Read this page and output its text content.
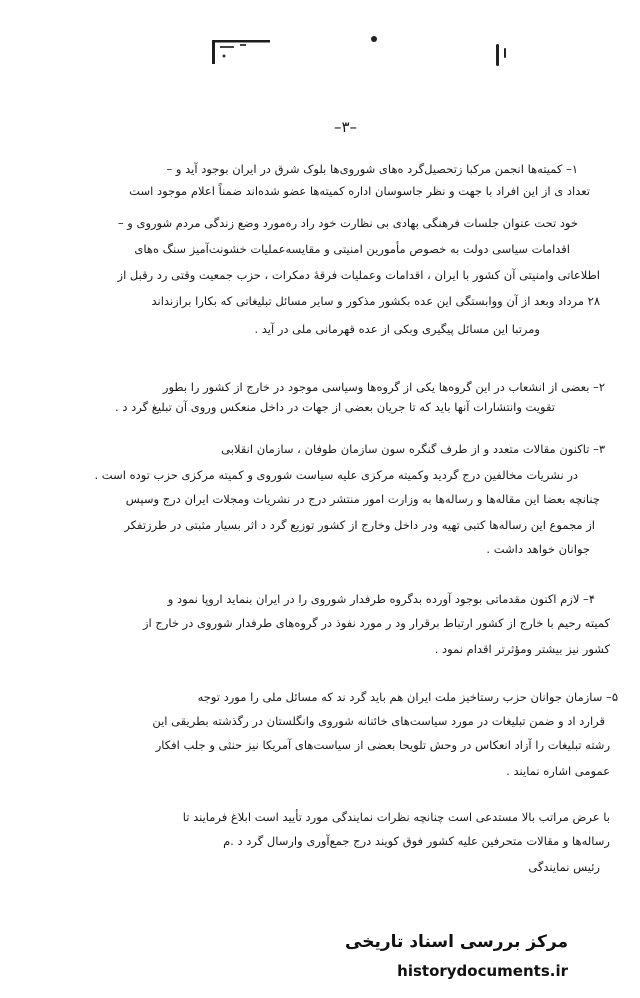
–۳–
۱– کمیته‌ها انجمن مرکبا زتحصیل‌گرد ه‌های شوروی‌ها بلوک شرق در ایران بوجود آید و –
تعداد ی از این افراد با جهت و نظر جاسوسان اداره کمیته‌ها عضو شده‌اند ضمناً اعلام موجود است
خود تحت عنوان جلسات فرهنگی بهادی بی نظارت خود راد ره‌مورد وضع زندگی مردم شوروی و –
اقدامات سیاسی دولت به خصوص مأمورین امنیتی و مقایسه‌عملیات خشونت‌آمیز سنگ ه‌های
اطلاعاتی وامنیتی آن کشور با ایران ، اقدامات وعملیات فرقهٔ دمکرات ، حزب جمعیت وقتی رد رقبل از
۲۸ مرداد وبعد از آن ووابستگی این عده بکشور مذکور و سایر مسائل تبلیغاتی که بکارا برازنداند
ومرتبا این مسائل پیگیری وبکی از عده قهرمانی ملی در آید .
۲– بعضی از انشعاب در این گروه‌ها یکی از گروه‌ها وسیاسی موجود در خارج از کشور را بطور
تقویت وانتشارات آنها باید که تا جریان بعضی از جهات در داخل منعکس وروی آن تبلیغ گرد د .
۳– تاکنون مقالات متعدد و از طرف گنگره سون سازمان طوفان ، سازمان انقلابی
در نشریات مخالفین درج گردید وکمیته مرکزی علیه سیاست شوروی و کمیته مرکزی حزب توده است .
چنانچه بعضا این مقاله‌ها و رساله‌ها به وزارت امور منتشر درج در نشریات ومجلات ایران درج وسپس
از مجموع این رساله‌ها کتبی تهیه ودر داخل وخارج از کشور توزیع گرد د اثر بسیار مثبتی در طرزتفکر
جوانان خواهد داشت .
۴– لازم اکنون مقدماتی بوجود آورده بدگروه طرفدار شوروی را در ایران بنماید اروپا نمود و
کمیته رحیم با خارج از کشور ارتباط برقرار ود ر مورد نفوذ در گروه‌های طرفدار شوروی در خارج از
کشور نیز بیشتر ومؤثرتر اقدام نمود .
۵– سازمان جوانان حزب رستاخیز ملت ایران هم باید گرد ند که مسائل ملی را مورد توجه
قرارد اد و ضمن تبلیغات در مورد سیاست‌های خائنانه شوروی وانگلستان در رگذشته بطریقی این
رشته تبلیغات را آزاد انعکاس در وحش تلویحا بعضی از سیاست‌های آمریکا نیز حنثی و جلب افکار
عمومی اشاره نمایند .
با عرض مراتب بالا مستدعی است چنانچه نظرات نمایندگی مورد تأیید است ابلاغ فرمایند تا
رساله‌ها و مقالات متحرفین علیه کشور فوق کویند درج جمع‌آوری وارسال گرد د .م
رئیس نمایندگی
مرکز بررسی اسناد تاریخی
historydocuments.ir
